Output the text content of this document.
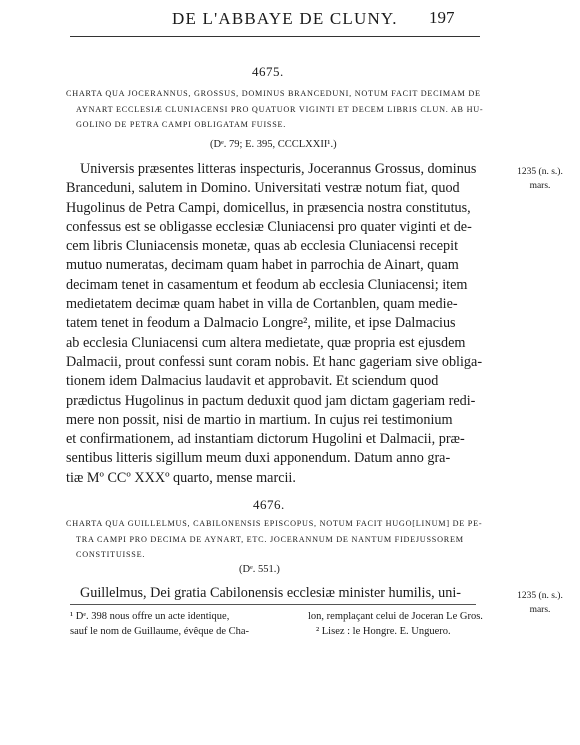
DE L'ABBAYE DE CLUNY.	197
4675.
CHARTA QUA JOCERANNUS, GROSSUS, DOMINUS BRANCEDUNI, NOTUM FACIT DECIMAM DE
AYNART ECCLESIÆ CLUNIACENSI PRO QUATUOR VIGINTI ET DECEM LIBRIS CLUN. AB HU-
GOLINO DE PETRA CAMPI OBLIGATAM FUISSE.
(Dᵉ. 79; E. 395, CCCLXXII¹.)
Universis præsentes litteras inspecturis, Jocerannus Grossus, dominus
Branceduni, salutem in Domino. Universitati vestræ notum fiat, quod
Hugolinus de Petra Campi, domicellus, in præsencia nostra constitutus,
confessus est se obligasse ecclesiæ Cluniacensi pro quater viginti et de-
cem libris Cluniacensis monetæ, quas ab ecclesia Cluniacensi recepit
mutuo numeratas, decimam quam habet in parrochia de Ainart, quam
decimam tenet in casamentum et feodum ab ecclesia Cluniacensi; item
medietatem decimæ quam habet in villa de Cortanblen, quam medie-
tatem tenet in feodum a Dalmacio Longre², milite, et ipse Dalmacius
ab ecclesia Cluniacensi cum altera medietate, quæ propria est ejusdem
Dalmacii, prout confessi sunt coram nobis. Et hanc gageriam sive obliga-
tionem idem Dalmacius laudavit et approbavit. Et sciendum quod
prædictus Hugolinus in pactum deduxit quod jam dictam gageriam redi-
mere non possit, nisi de martio in martium. In cujus rei testimonium
et confirmationem, ad instantiam dictorum Hugolini et Dalmacii, præ-
sentibus litteris sigillum meum duxi apponendum. Datum anno gra-
tiæ Mº CCº XXXº quarto, mense marcii.
1235 (n. s.).
mars.
4676.
CHARTA QUA GUILLELMUS, CABILONENSIS EPISCOPUS, NOTUM FACIT HUGO[LINUM] DE PE-
TRA CAMPI PRO DECIMA DE AYNART, ETC. JOCERANNUM DE NANTUM FIDEJUSSOREM
CONSTITUISSE.
(Dᵉ. 551.)
Guillelmus, Dei gratia Cabilonensis ecclesiæ minister humilis, uni-	1235 (n. s.).
mars.
¹ Dᵉ. 398 nous offre un acte identique,	lon, remplaçant celui de Joceran Le Gros.
sauf le nom de Guillaume, évêque de Cha-	² Lisez : le Hongre. E. Unguero.
